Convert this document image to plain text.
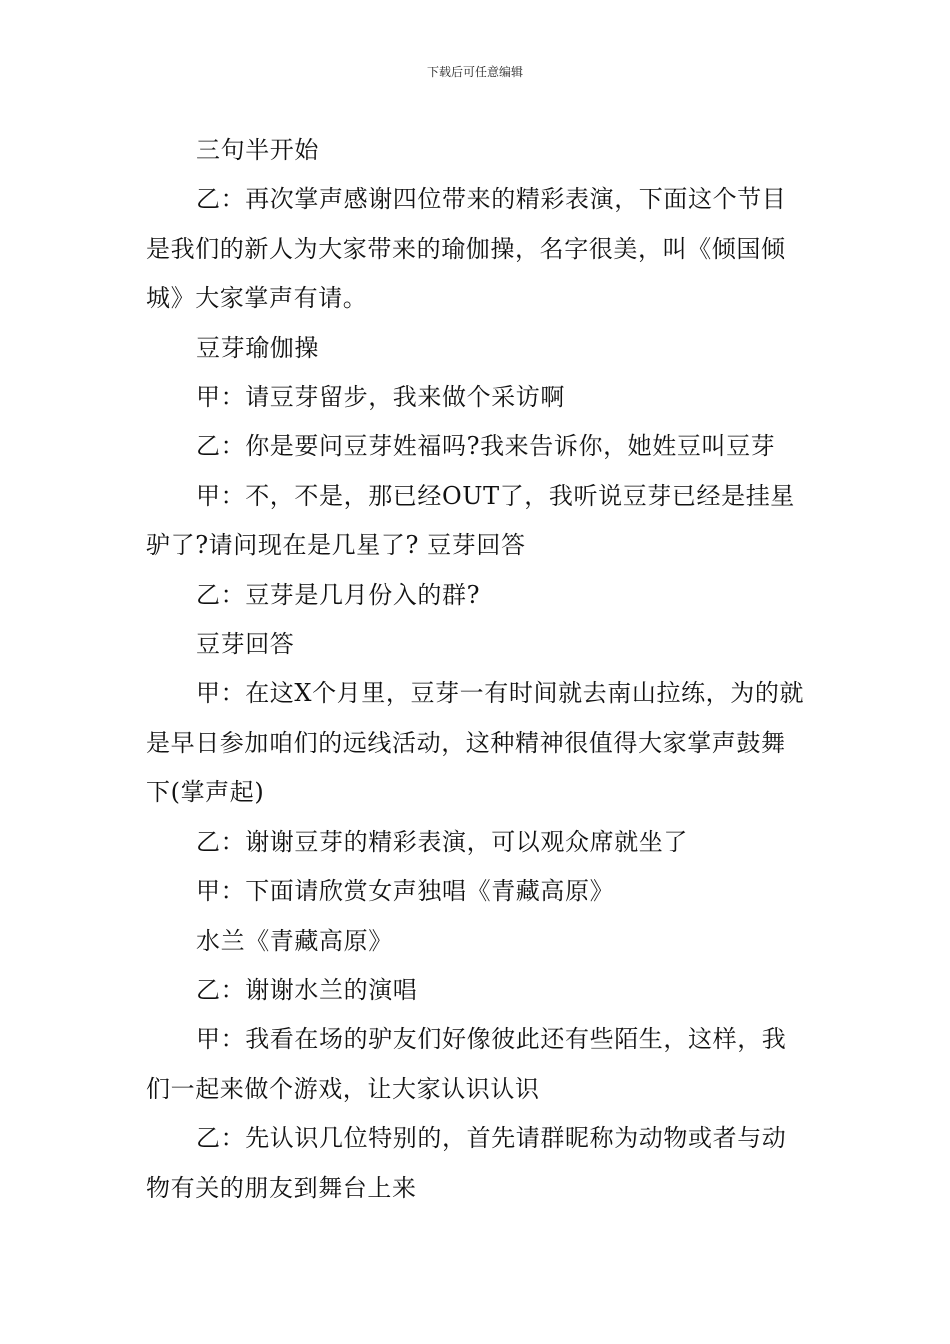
下载后可任意编辑

三句半开始

乙：再次掌声感谢四位带来的精彩表演，下面这个节目是我们的新人为大家带来的瑜伽操，名字很美，叫《倾国倾城》大家掌声有请。

豆芽瑜伽操

甲：请豆芽留步，我来做个采访啊

乙：你是要问豆芽姓福吗?我来告诉你，她姓豆叫豆芽

甲：不，不是，那已经OUT了，我听说豆芽已经是挂星驴了?请问现在是几星了? 豆芽回答

乙：豆芽是几月份入的群?

豆芽回答

甲：在这X个月里，豆芽一有时间就去南山拉练，为的就是早日参加咱们的远线活动，这种精神很值得大家掌声鼓舞下(掌声起)

乙：谢谢豆芽的精彩表演，可以观众席就坐了

甲：下面请欣赏女声独唱《青藏高原》

水兰《青藏高原》

乙：谢谢水兰的演唱

甲：我看在场的驴友们好像彼此还有些陌生，这样，我们一起来做个游戏，让大家认识认识

乙：先认识几位特别的，首先请群昵称为动物或者与动物有关的朋友到舞台上来
